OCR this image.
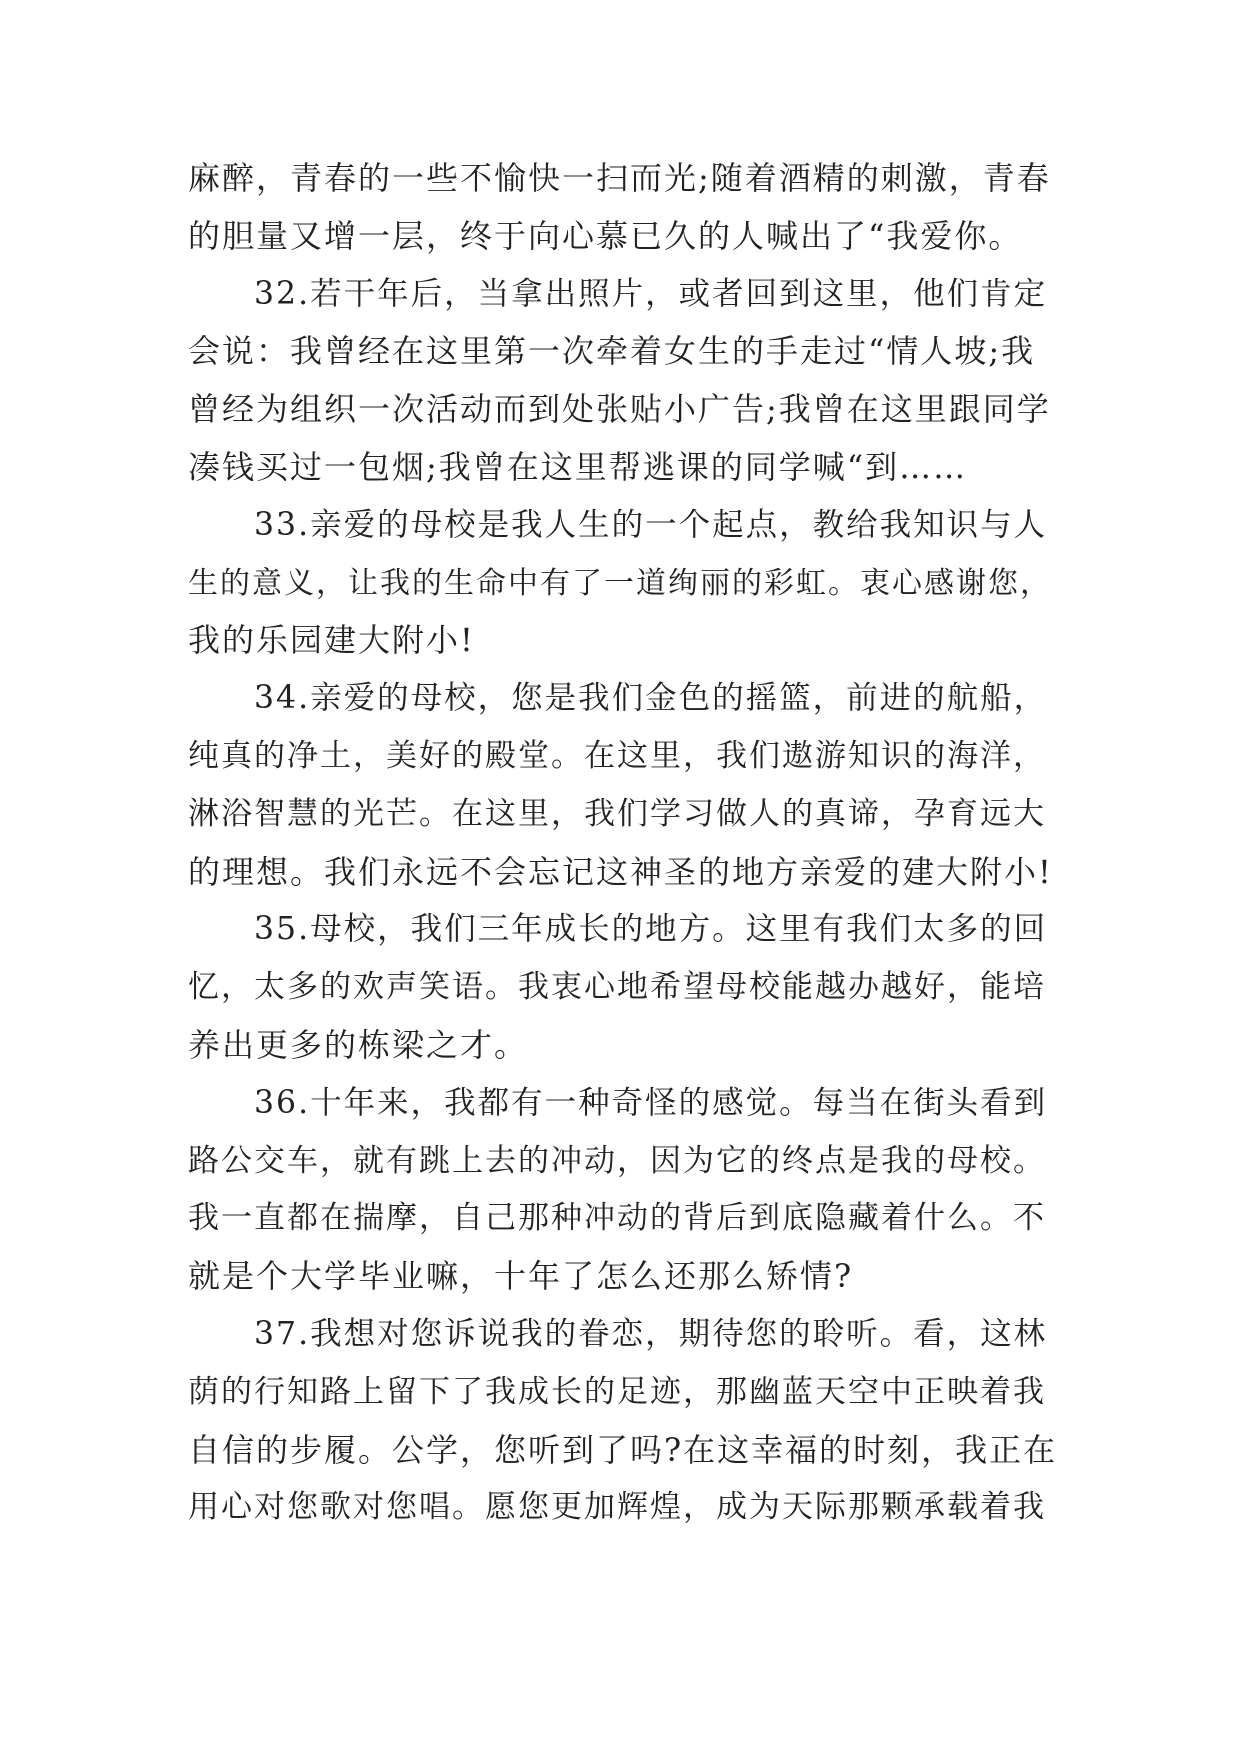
麻醉，青春的一些不愉快一扫而光;随着酒精的刺激，青春
的胆量又增一层，终于向心慕已久的人喊出了“我爱你。
32.若干年后，当拿出照片，或者回到这里，他们肯定
会说：我曾经在这里第一次牵着女生的手走过“情人坡;我
曾经为组织一次活动而到处张贴小广告;我曾在这里跟同学
凑钱买过一包烟;我曾在这里帮逃课的同学喊“到……
33.亲爱的母校是我人生的一个起点，教给我知识与人
生的意义，让我的生命中有了一道绚丽的彩虹。衷心感谢您，
我的乐园建大附小!
34.亲爱的母校，您是我们金色的摇篮，前进的航船，
纯真的净土，美好的殿堂。在这里，我们遨游知识的海洋，
淋浴智慧的光芒。在这里，我们学习做人的真谛，孕育远大
的理想。我们永远不会忘记这神圣的地方亲爱的建大附小!
35.母校，我们三年成长的地方。这里有我们太多的回
忆，太多的欢声笑语。我衷心地希望母校能越办越好，能培
养出更多的栋梁之才。
36.十年来，我都有一种奇怪的感觉。每当在街头看到
路公交车，就有跳上去的冲动，因为它的终点是我的母校。
我一直都在揣摩，自己那种冲动的背后到底隐藏着什么。不
就是个大学毕业嘛，十年了怎么还那么矫情?
37.我想对您诉说我的眷恋，期待您的聆听。看，这林
荫的行知路上留下了我成长的足迹，那幽蓝天空中正映着我
自信的步履。公学，您听到了吗?在这幸福的时刻，我正在
用心对您歌对您唱。愿您更加辉煌，成为天际那颗承载着我
